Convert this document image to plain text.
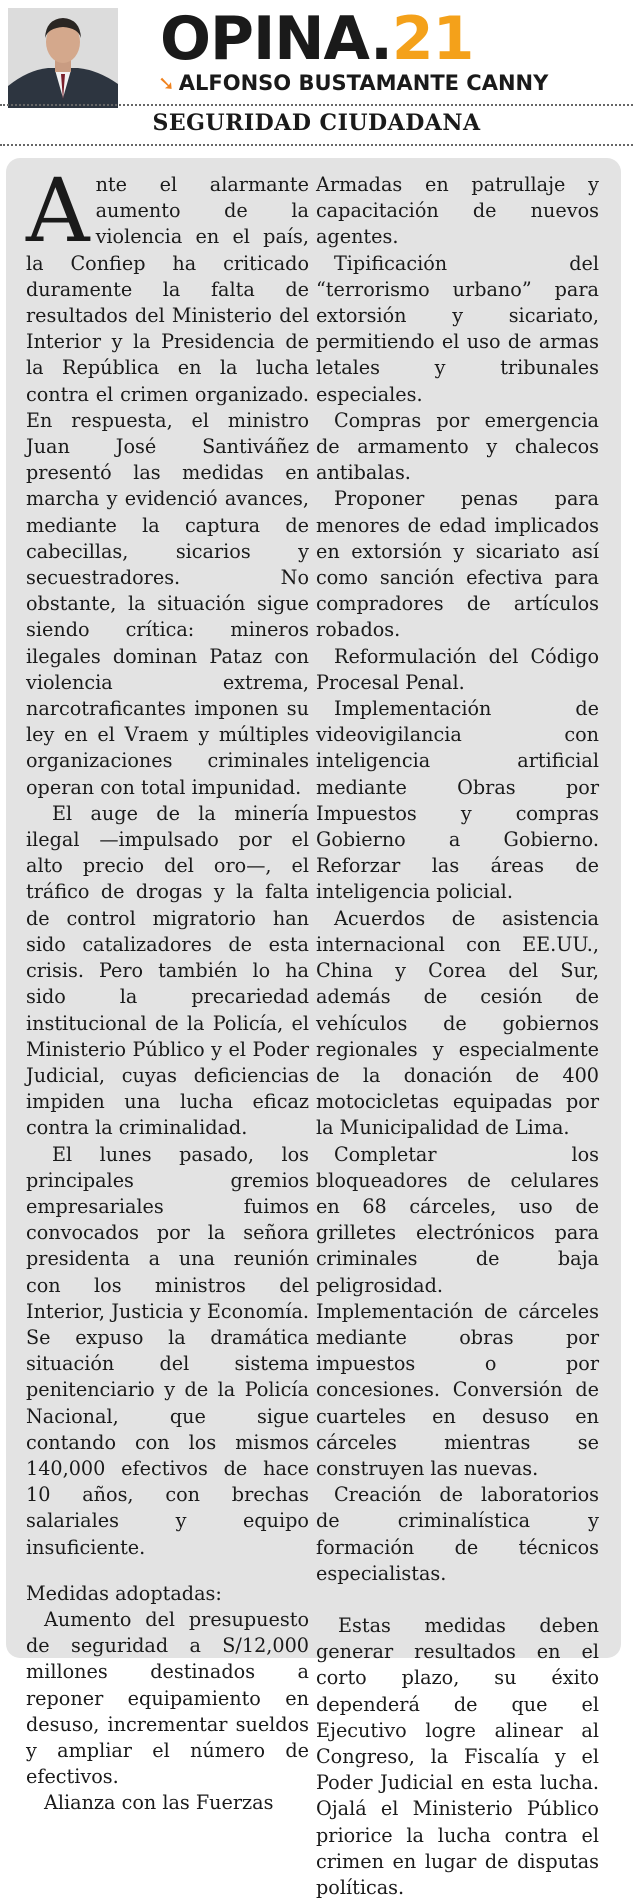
OPINA.21
➘ ALFONSO BUSTAMANTE CANNY
SEGURIDAD CIUDADANA

Ante el alarmante aumento de la violencia en el país, la Confiep ha criticado duramente la falta de resultados del Ministerio del Interior y la Presidencia de la República en la lucha contra el crimen organizado. En respuesta, el ministro Juan José Santiváñez presentó las medidas en marcha y evidenció avances, mediante la captura de cabecillas, sicarios y secuestradores. No obstante, la situación sigue siendo crítica: mineros ilegales dominan Pataz con violencia extrema, narcotraficantes imponen su ley en el Vraem y múltiples organizaciones criminales operan con total impunidad.

El auge de la minería ilegal —impulsado por el alto precio del oro—, el tráfico de drogas y la falta de control migratorio han sido catalizadores de esta crisis. Pero también lo ha sido la precariedad institucional de la Policía, el Ministerio Público y el Poder Judicial, cuyas deficiencias impiden una lucha eficaz contra la criminalidad.

El lunes pasado, los principales gremios empresariales fuimos convocados por la señora presidenta a una reunión con los ministros del Interior, Justicia y Economía. Se expuso la dramática situación del sistema penitenciario y de la Policía Nacional, que sigue contando con los mismos 140,000 efectivos de hace 10 años, con brechas salariales y equipo insuficiente.

Medidas adoptadas:

Aumento del presupuesto de seguridad a S/12,000 millones destinados a reponer equipamiento en desuso, incrementar sueldos y ampliar el número de efectivos.

Alianza con las Fuerzas

Armadas en patrullaje y capacitación de nuevos agentes.

Tipificación del “terrorismo urbano” para extorsión y sicariato, permitiendo el uso de armas letales y tribunales especiales.

Compras por emergencia de armamento y chalecos antibalas.

Proponer penas para menores de edad implicados en extorsión y sicariato así como sanción efectiva para compradores de artículos robados.

Reformulación del Código Procesal Penal.

Implementación de videovigilancia con inteligencia artificial mediante Obras por Impuestos y compras Gobierno a Gobierno. Reforzar las áreas de inteligencia policial.

Acuerdos de asistencia internacional con EE.UU., China y Corea del Sur, además de cesión de vehículos de gobiernos regionales y especialmente de la donación de 400 motocicletas equipadas por la Municipalidad de Lima.

Completar los bloqueadores de celulares en 68 cárceles, uso de grilletes electrónicos para criminales de baja peligrosidad. Implementación de cárceles mediante obras por impuestos o por concesiones. Conversión de cuarteles en desuso en cárceles mientras se construyen las nuevas.

Creación de laboratorios de criminalística y formación de técnicos especialistas.

Estas medidas deben generar resultados en el corto plazo, su éxito dependerá de que el Ejecutivo logre alinear al Congreso, la Fiscalía y el Poder Judicial en esta lucha. Ojalá el Ministerio Público priorice la lucha contra el crimen en lugar de disputas políticas.
